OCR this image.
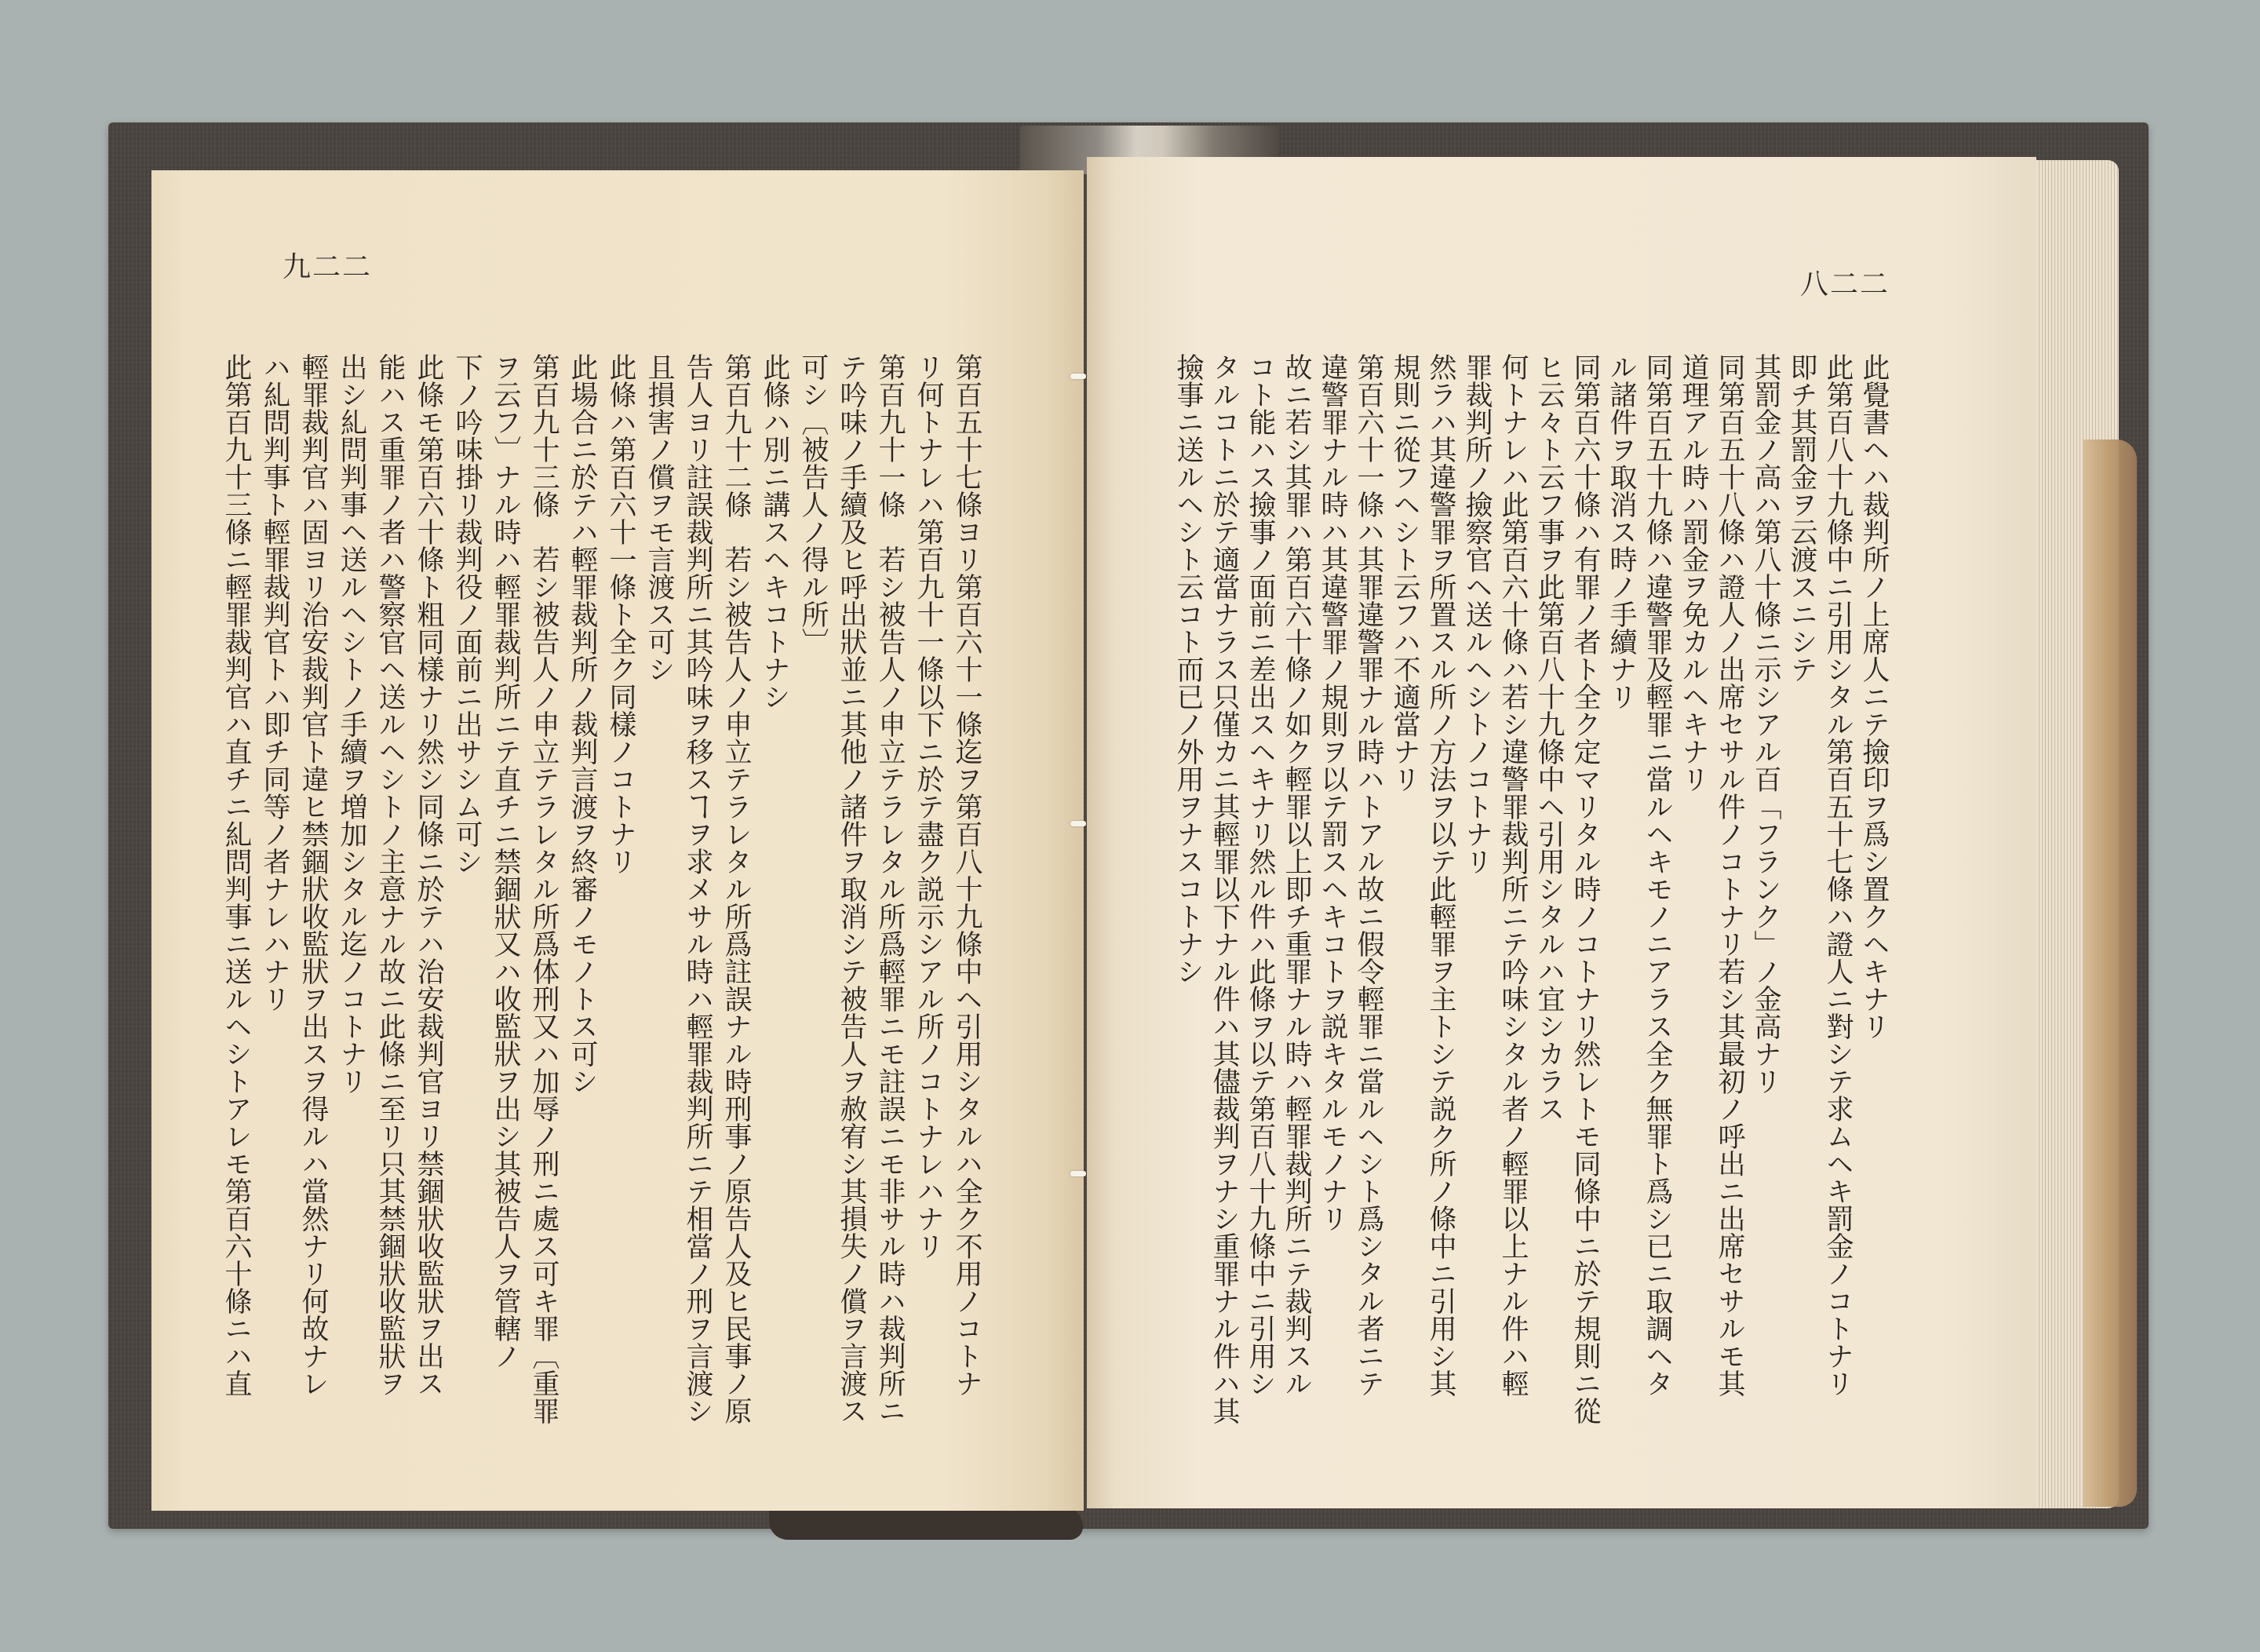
九二二
八二二
第百五十七條ヨリ第百六十一條迄ヲ第百八十九條中ヘ引用シタルハ全ク不用ノコトナ
リ何トナレハ第百九十一條以下ニ於テ盡ク説示シアル所ノコトナレハナリ
第百九十一條　若シ被告人ノ申立テラレタル所爲輕罪ニモ註誤ニモ非サル時ハ裁判所ニ
テ吟味ノ手續及ヒ呼出狀並ニ其他ノ諸件ヲ取消シテ被告人ヲ赦宥シ其損失ノ償ヲ言渡ス
可シ〔被告人ノ得ル所〕
此條ハ別ニ講スヘキコトナシ
第百九十二條　若シ被告人ノ申立テラレタル所爲註誤ナル時刑事ノ原告人及ヒ民事ノ原
告人ヨリ註誤裁判所ニ其吟味ヲ移スヿヲ求メサル時ハ輕罪裁判所ニテ相當ノ刑ヲ言渡シ
且損害ノ償ヲモ言渡ス可シ
此條ハ第百六十一條ト全ク同樣ノコトナリ
此場合ニ於テハ輕罪裁判所ノ裁判言渡ヲ終審ノモノトス可シ
第百九十三條　若シ被告人ノ申立テラレタル所爲体刑又ハ加辱ノ刑ニ處ス可キ罪〔重罪
ヲ云フ〕ナル時ハ輕罪裁判所ニテ直チニ禁錮狀又ハ收監狀ヲ出シ其被告人ヲ管轄ノ
下ノ吟味掛リ裁判役ノ面前ニ出サシム可シ
此條モ第百六十條ト粗同樣ナリ然シ同條ニ於テハ治安裁判官ヨリ禁錮狀收監狀ヲ出ス
能ハス重罪ノ者ハ警察官ヘ送ルヘシトノ主意ナル故ニ此條ニ至リ只其禁錮狀收監狀ヲ
出シ糺問判事ヘ送ルヘシトノ手續ヲ増加シタル迄ノコトナリ
輕罪裁判官ハ固ヨリ治安裁判官ト違ヒ禁錮狀收監狀ヲ出スヲ得ルハ當然ナリ何故ナレ
ハ糺問判事ト輕罪裁判官トハ即チ同等ノ者ナレハナリ
此第百九十三條ニ輕罪裁判官ハ直チニ糺問判事ニ送ルヘシトアレモ第百六十條ニハ直	此覺書ヘハ裁判所ノ上席人ニテ撿印ヲ爲シ置クヘキナリ
此第百八十九條中ニ引用シタル第百五十七條ハ證人ニ對シテ求ムヘキ罰金ノコトナリ
即チ其罰金ヲ云渡スニシテ
其罰金ノ高ハ第八十條ニ示シアル百「フランク」ノ金高ナリ
同第百五十八條ハ證人ノ出席セサル件ノコトナリ若シ其最初ノ呼出ニ出席セサルモ其
道理アル時ハ罰金ヲ免カルヘキナリ
同第百五十九條ハ違警罪及輕罪ニ當ルヘキモノニアラス全ク無罪ト爲シ已ニ取調ヘタ
ル諸件ヲ取消ス時ノ手續ナリ
同第百六十條ハ有罪ノ者ト全ク定マリタル時ノコトナリ然レトモ同條中ニ於テ規則ニ從
ヒ云々ト云フ事ヲ此第百八十九條中ヘ引用シタルハ宜シカラス
何トナレハ此第百六十條ハ若シ違警罪裁判所ニテ吟味シタル者ノ輕罪以上ナル件ハ輕
罪裁判所ノ撿察官ヘ送ルヘシトノコトナリ
然ラハ其違警罪ヲ所置スル所ノ方法ヲ以テ此輕罪ヲ主トシテ説ク所ノ條中ニ引用シ其
規則ニ從フヘシト云フハ不適當ナリ
第百六十一條ハ其罪違警罪ナル時ハトアル故ニ假令輕罪ニ當ルヘシト爲シタル者ニテ
違警罪ナル時ハ其違警罪ノ規則ヲ以テ罰スヘキコトヲ説キタルモノナリ
故ニ若シ其罪ハ第百六十條ノ如ク輕罪以上即チ重罪ナル時ハ輕罪裁判所ニテ裁判スル
コト能ハス撿事ノ面前ニ差出スヘキナリ然ル件ハ此條ヲ以テ第百八十九條中ニ引用シ
タルコトニ於テ適當ナラス只僅カニ其輕罪以下ナル件ハ其儘裁判ヲナシ重罪ナル件ハ其
撿事ニ送ルヘシト云コト而已ノ外用ヲナスコトナシ
